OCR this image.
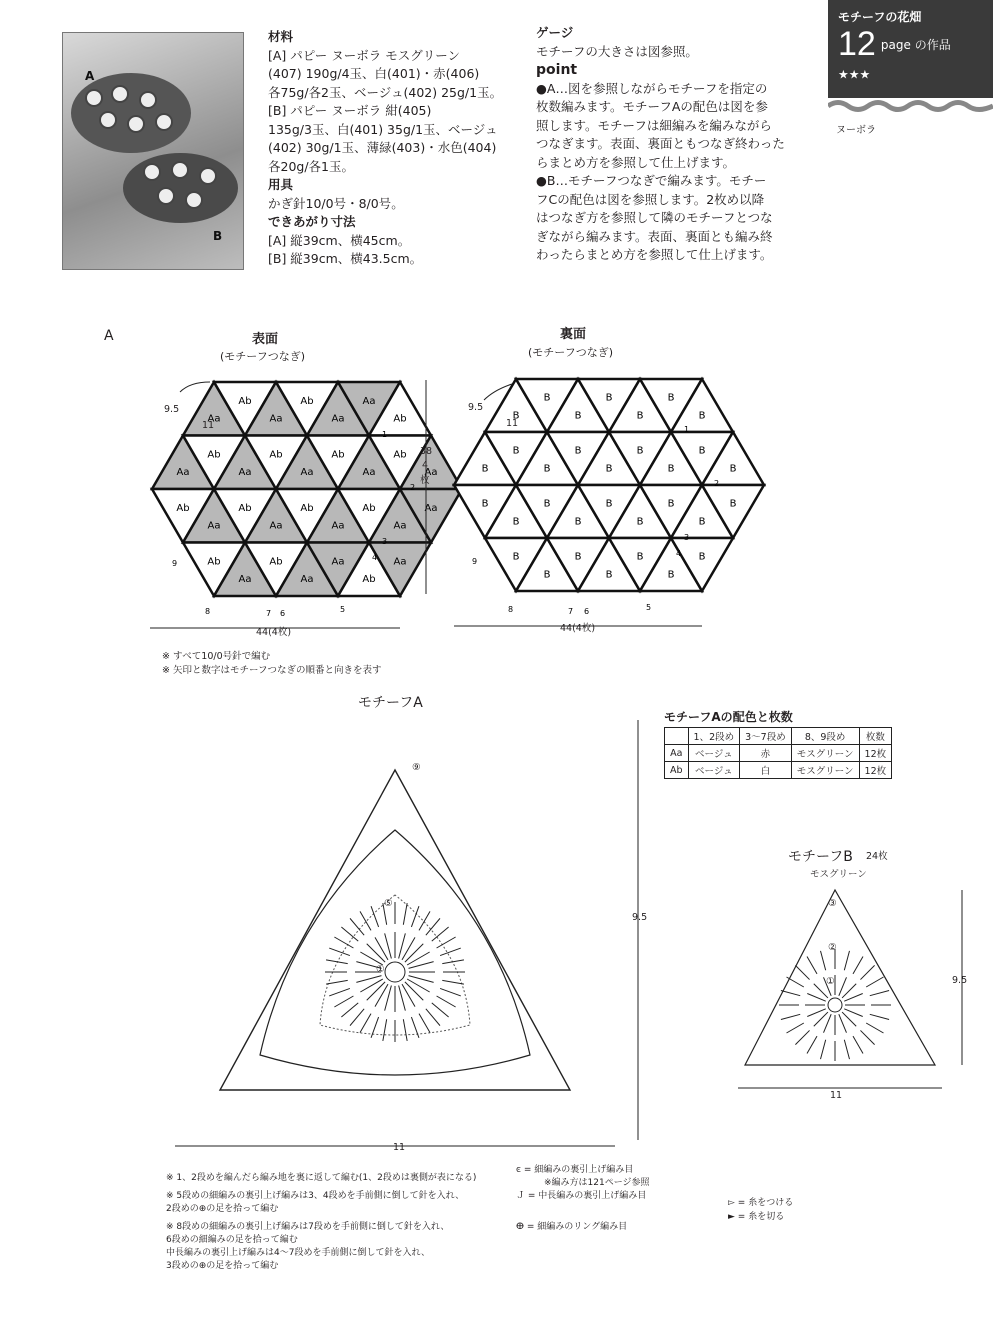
A
B
材料
[A] パピー ヌーボラ モスグリーン
(407) 190g/4玉、白(401)・赤(406)
各75g/各2玉、ベージュ(402) 25g/1玉。
[B] パピー ヌーボラ 紺(405)
135g/3玉、白(401) 35g/1玉、ベージュ
(402) 30g/1玉、薄緑(403)・水色(404)
各20g/各1玉。
用具
かぎ針10/0号・8/0号。
できあがり寸法
[A] 縦39cm、横45cm。
[B] 縦39cm、横43.5cm。
ゲージ
モチーフの大きさは図参照。
point
●A…図を参照しながらモチーフを指定の
枚数編みます。モチーフAの配色は図を参
照します。モチーフは細編みを編みながら
つなぎます。表面、裏面ともつなぎ終わった
らまとめ方を参照して仕上げます。
●B…モチーフつなぎで編みます。モチー
フCの配色は図を参照します。2枚め以降
はつなぎ方を参照して隣のモチーフとつな
ぎながら編みます。表面、裏面とも編み終
わったらまとめ方を参照して仕上げます。
モチーフの花畑
12 page の作品 ★★★
ヌーボラ
A	表面
(モチーフつなぎ)
裏面
(モチーフつなぎ)
Aa
Ab
Aa
Ab
Aa
Aa
Ab
Aa
Ab
Aa
Ab
Aa
Ab
Aa
Ab
Aa
Ab
Aa
Ab
Aa
Ab
Aa
Ab
Aa
Aa
Ab
Aa
Ab
Aa
Aa
Ab
Aa
B
B
B
B
B
B
B
B
B
B
B
B
B
B
B
B
B
B
B
B
B
B
B
B
B
B
B
B
B
B
B
B
1
2
3
4
5
6
7
8
9
1
2
3
4
5
6
7
8
9
9.5
11
38
4
枚
44(4枚)
9.5
11
44(4枚)
※ すべて10/0号針で編む
※ 矢印と数字はモチーフつなぎの順番と向きを表す
モチーフA
9.5
11
⑨
⑤
①
モチーフAの配色と枚数
	1、2段め	3〜7段め	8、9段め	枚数
Aa	ベージュ	赤	モスグリーン	12枚
Ab	ベージュ	白	モスグリーン	12枚
モチーフB 24枚
モスグリーン
9.5
11
③
②
①
※ 1、2段めを編んだら編み地を裏に返して編む(1、2段めは裏側が表になる)
※ 5段めの細編みの裏引上げ編みは3、4段めを手前側に倒して針を入れ、
2段めの⊕の足を拾って編む
※ 8段めの細編みの裏引上げ編みは7段めを手前側に倒して針を入れ、
6段めの細編みの足を拾って編む
中長編みの裏引上げ編みは4〜7段めを手前側に倒して針を入れ、
3段めの⊕の足を拾って編む
ͼ = 細編みの裏引上げ編み目
※編み方は121ページ参照
Ｊ = 中長編みの裏引上げ編み目
ⴲ = 細編みのリング編み目
▻ = 糸をつける
► = 糸を切る
